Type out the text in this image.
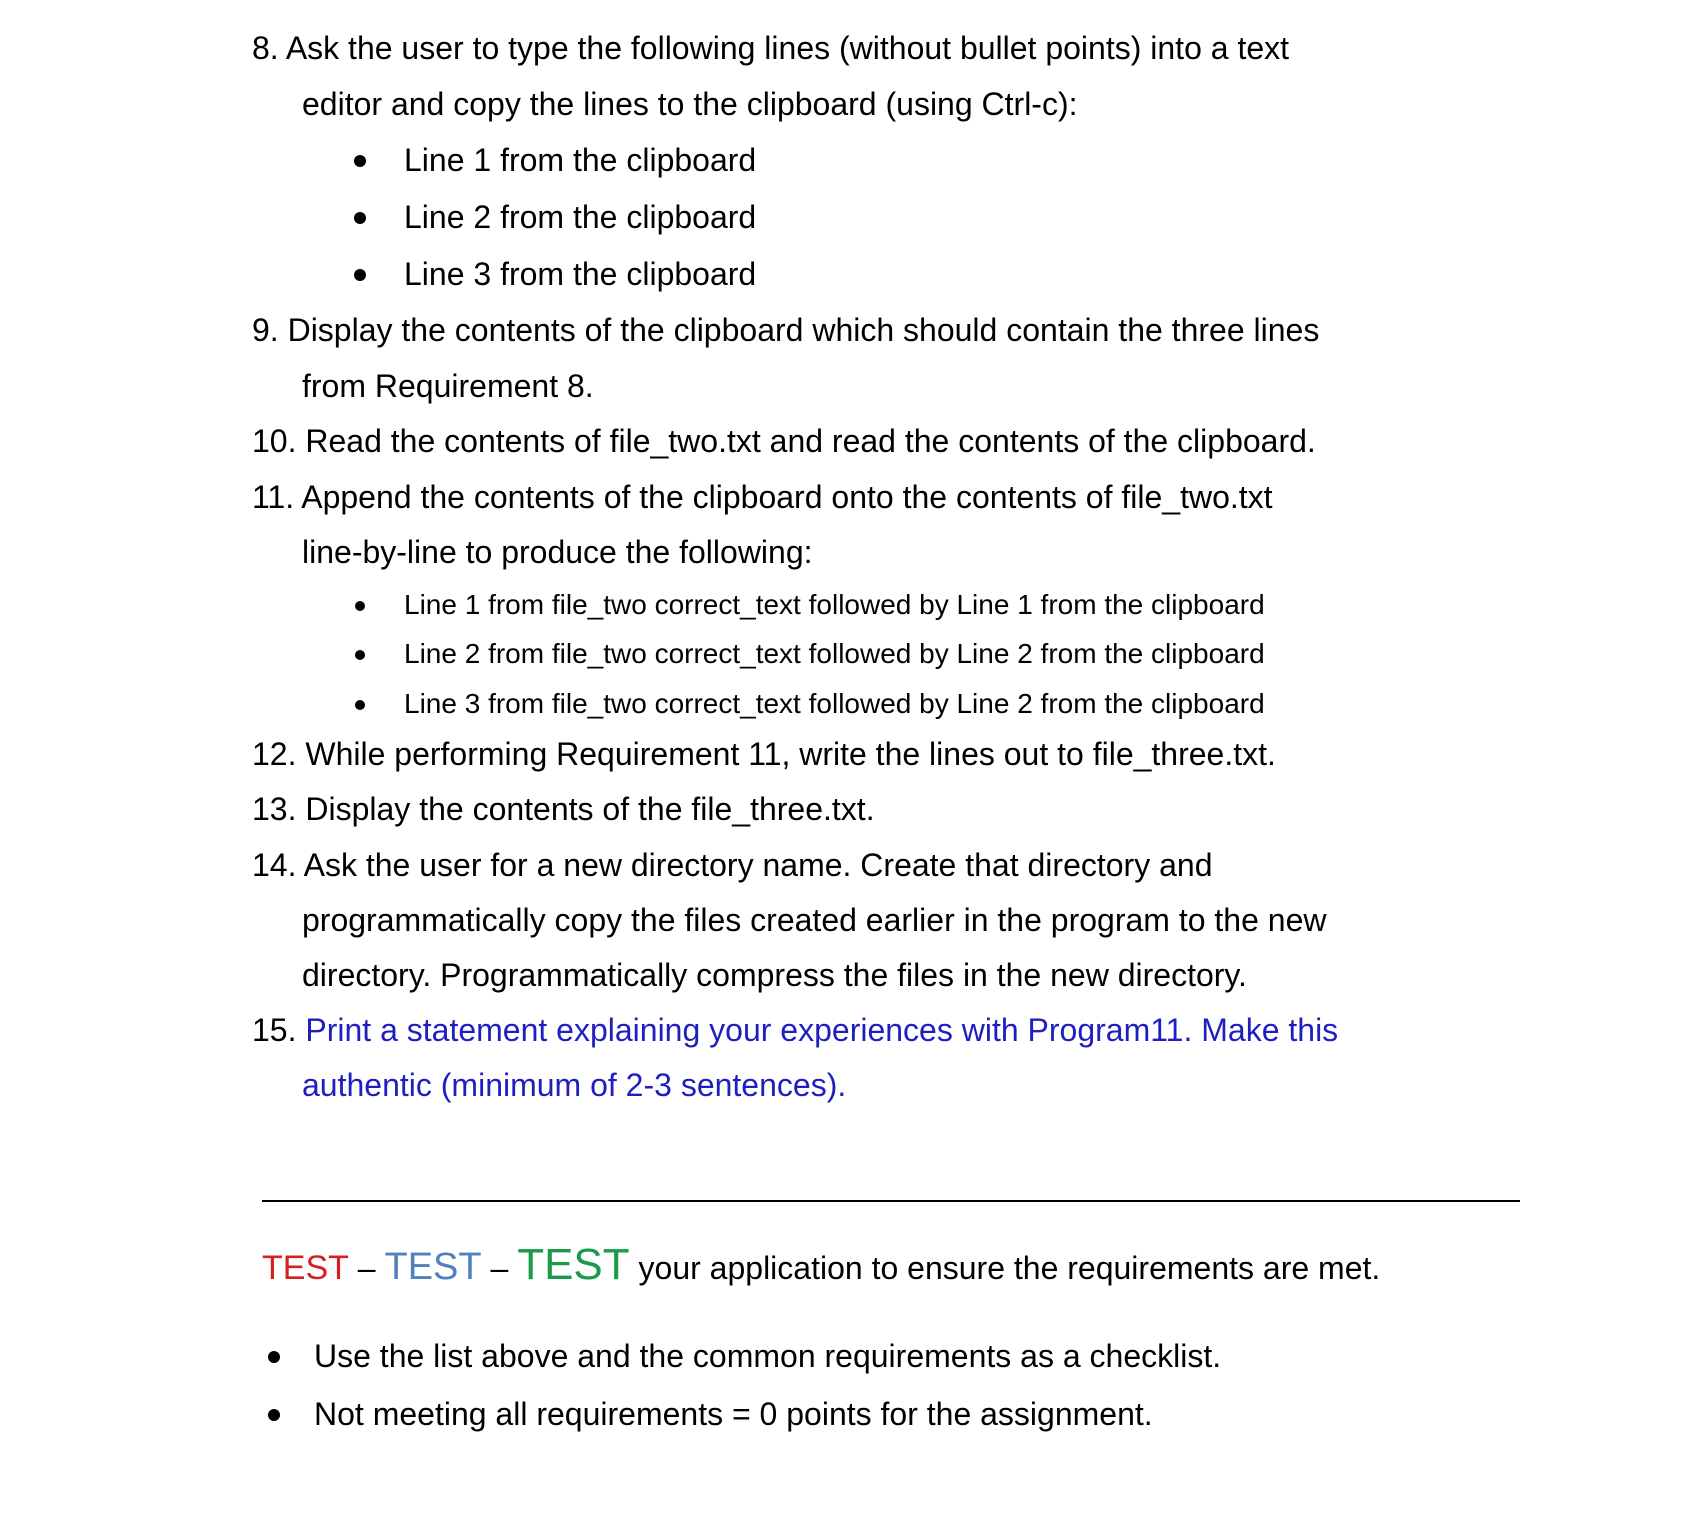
8. Ask the user to type the following lines (without bullet points) into a text
editor and copy the lines to the clipboard (using Ctrl-c):
Line 1 from the clipboard
Line 2 from the clipboard
Line 3 from the clipboard
9. Display the contents of the clipboard which should contain the three lines
from Requirement 8.
10. Read the contents of file_two.txt and read the contents of the clipboard.
11. Append the contents of the clipboard onto the contents of file_two.txt
line-by-line to produce the following:
Line 1 from file_two correct_text followed by Line 1 from the clipboard
Line 2 from file_two correct_text followed by Line 2 from the clipboard
Line 3 from file_two correct_text followed by Line 2 from the clipboard
12. While performing Requirement 11, write the lines out to file_three.txt.
13. Display the contents of the file_three.txt.
14. Ask the user for a new directory name. Create that directory and
programmatically copy the files created earlier in the program to the new
directory. Programmatically compress the files in the new directory.
15. Print a statement explaining your experiences with Program11. Make this
authentic (minimum of 2-3 sentences).
TEST – TEST – TEST your application to ensure the requirements are met.
Use the list above and the common requirements as a checklist.
Not meeting all requirements = 0 points for the assignment.
